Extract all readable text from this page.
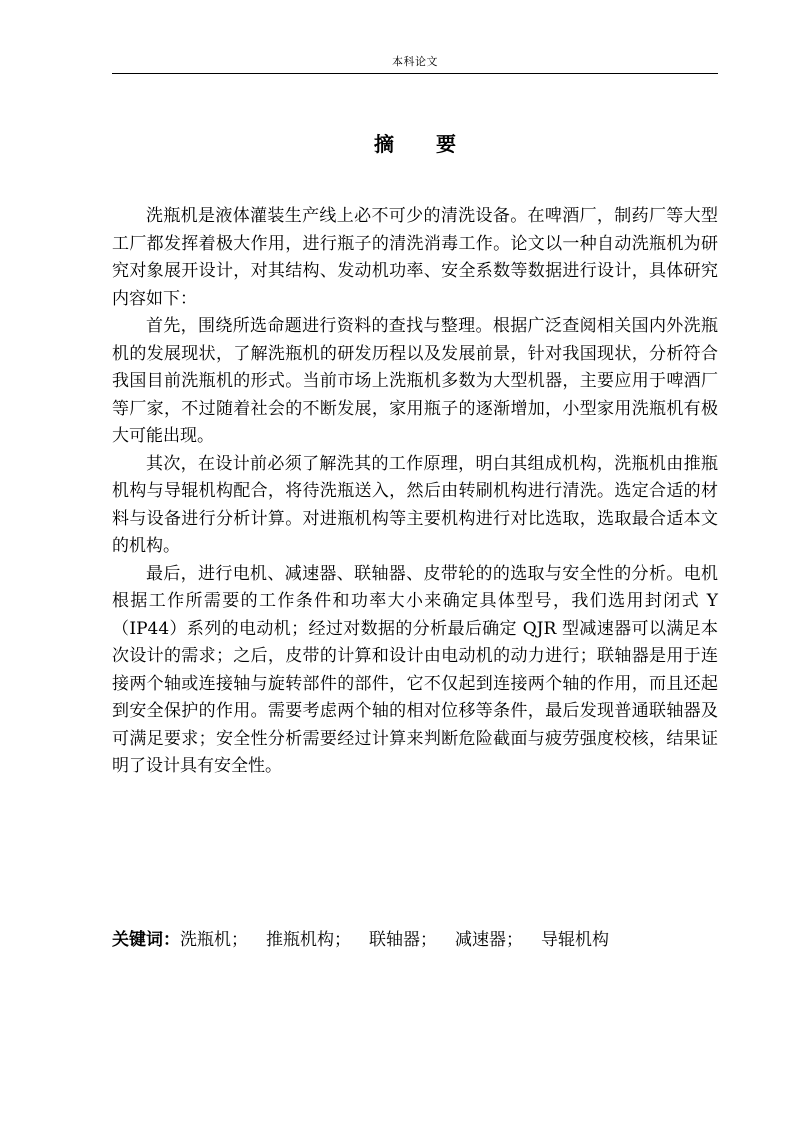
本科论文
摘 要

洗瓶机是液体灌装生产线上必不可少的清洗设备。在啤酒厂，制药厂等大型工厂都发挥着极大作用，进行瓶子的清洗消毒工作。论文以一种自动洗瓶机为研究对象展开设计，对其结构、发动机功率、安全系数等数据进行设计，具体研究内容如下：

首先，围绕所选命题进行资料的查找与整理。根据广泛查阅相关国内外洗瓶机的发展现状，了解洗瓶机的研发历程以及发展前景，针对我国现状，分析符合我国目前洗瓶机的形式。当前市场上洗瓶机多数为大型机器，主要应用于啤酒厂等厂家，不过随着社会的不断发展，家用瓶子的逐渐增加，小型家用洗瓶机有极大可能出现。

其次，在设计前必须了解洗其的工作原理，明白其组成机构，洗瓶机由推瓶机构与导辊机构配合，将待洗瓶送入，然后由转刷机构进行清洗。选定合适的材料与设备进行分析计算。对进瓶机构等主要机构进行对比选取，选取最合适本文的机构。

最后，进行电机、减速器、联轴器、皮带轮的的选取与安全性的分析。电机根据工作所需要的工作条件和功率大小来确定具体型号，我们选用封闭式 Y（IP44）系列的电动机；经过对数据的分析最后确定 QJR 型减速器可以满足本次设计的需求；之后，皮带的计算和设计由电动机的动力进行；联轴器是用于连接两个轴或连接轴与旋转部件的部件，它不仅起到连接两个轴的作用，而且还起到安全保护的作用。需要考虑两个轴的相对位移等条件，最后发现普通联轴器及可满足要求；安全性分析需要经过计算来判断危险截面与疲劳强度校核，结果证明了设计具有安全性。

关键词：洗瓶机； 推瓶机构； 联轴器； 减速器； 导辊机构
